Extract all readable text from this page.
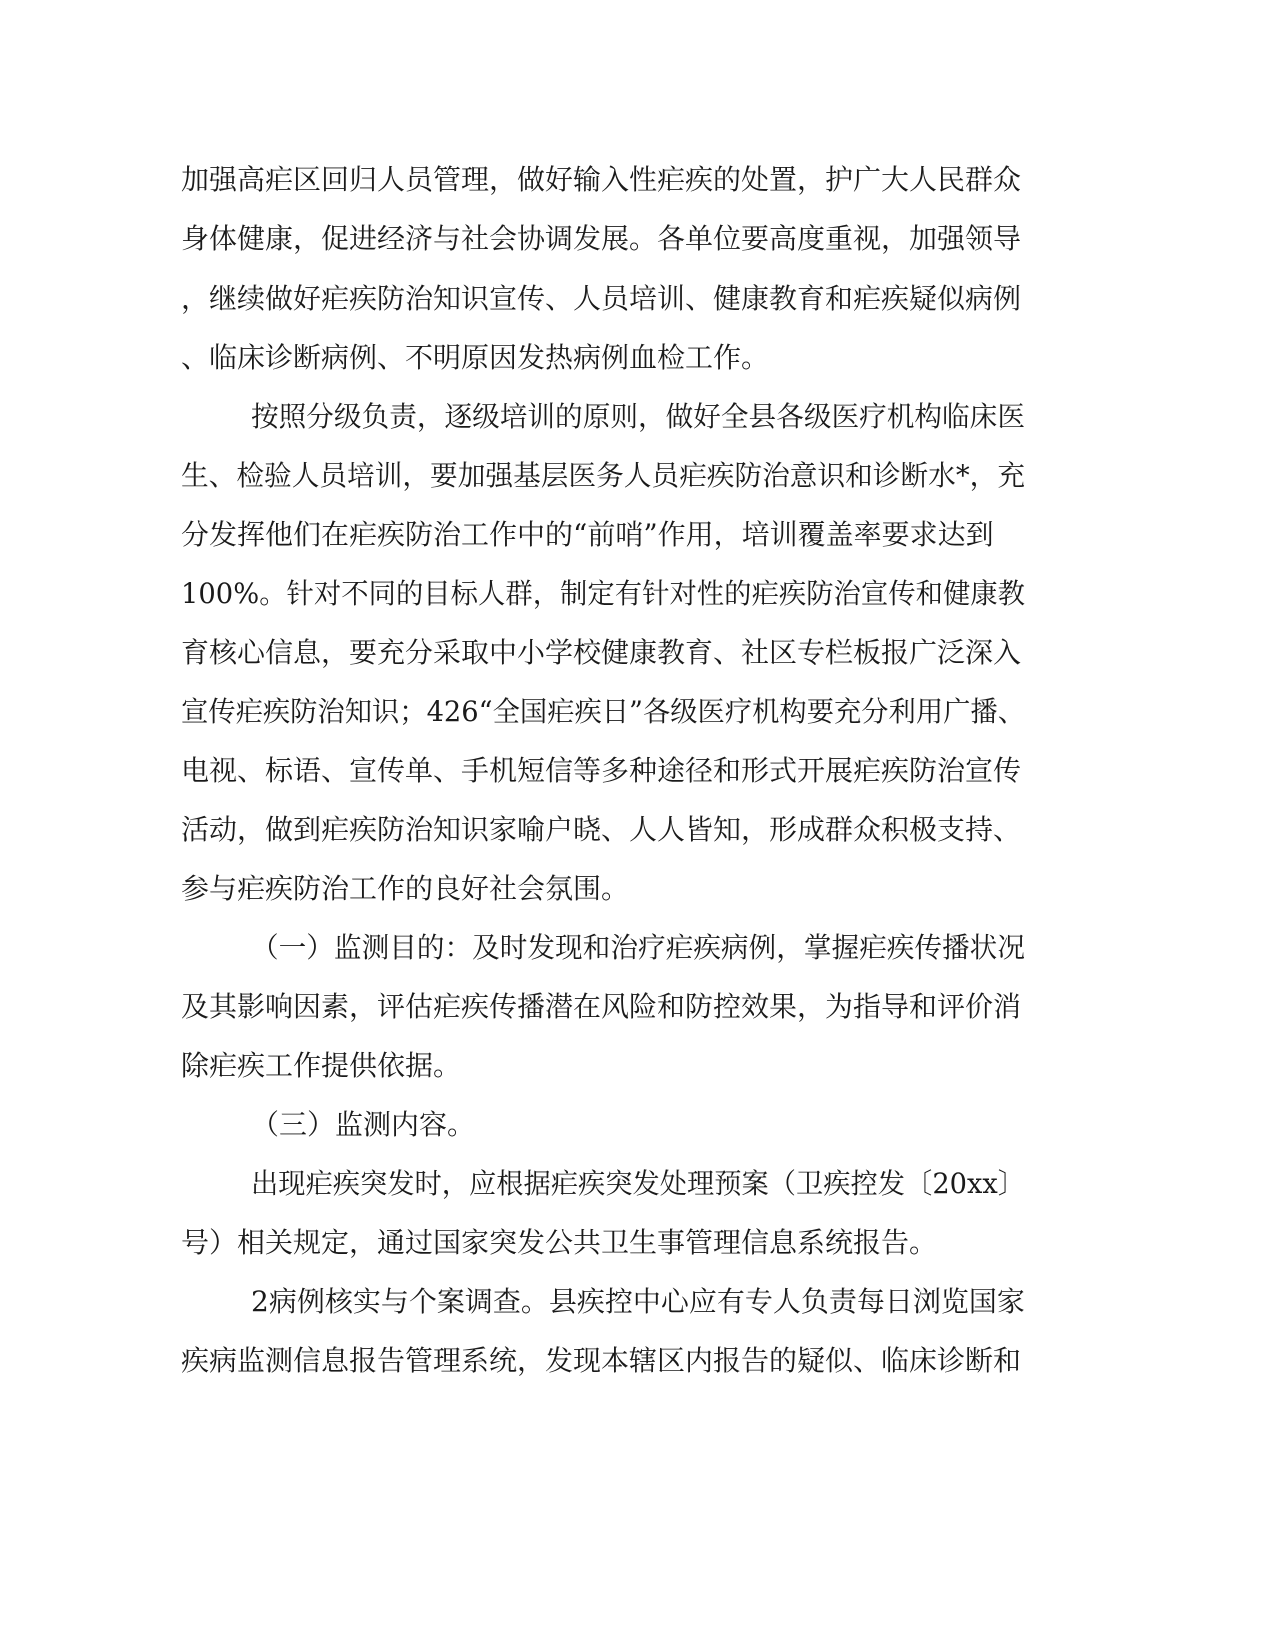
加强高疟区回归人员管理，做好输入性疟疾的处置，护广大人民群众
身体健康，促进经济与社会协调发展。各单位要高度重视，加强领导
，继续做好疟疾防治知识宣传、人员培训、健康教育和疟疾疑似病例
、临床诊断病例、不明原因发热病例血检工作。
按照分级负责，逐级培训的原则，做好全县各级医疗机构临床医
生、检验人员培训，要加强基层医务人员疟疾防治意识和诊断水*，充
分发挥他们在疟疾防治工作中的“前哨”作用，培训覆盖率要求达到
100%。针对不同的目标人群，制定有针对性的疟疾防治宣传和健康教
育核心信息，要充分采取中小学校健康教育、社区专栏板报广泛深入
宣传疟疾防治知识；426“全国疟疾日”各级医疗机构要充分利用广播、
电视、标语、宣传单、手机短信等多种途径和形式开展疟疾防治宣传
活动，做到疟疾防治知识家喻户晓、人人皆知，形成群众积极支持、
参与疟疾防治工作的良好社会氛围。
（一）监测目的：及时发现和治疗疟疾病例，掌握疟疾传播状况
及其影响因素，评估疟疾传播潜在风险和防控效果，为指导和评价消
除疟疾工作提供依据。
（三）监测内容。
出现疟疾突发时，应根据疟疾突发处理预案（卫疾控发〔20xx〕
号）相关规定，通过国家突发公共卫生事管理信息系统报告。
2病例核实与个案调查。县疾控中心应有专人负责每日浏览国家
疾病监测信息报告管理系统，发现本辖区内报告的疑似、临床诊断和
